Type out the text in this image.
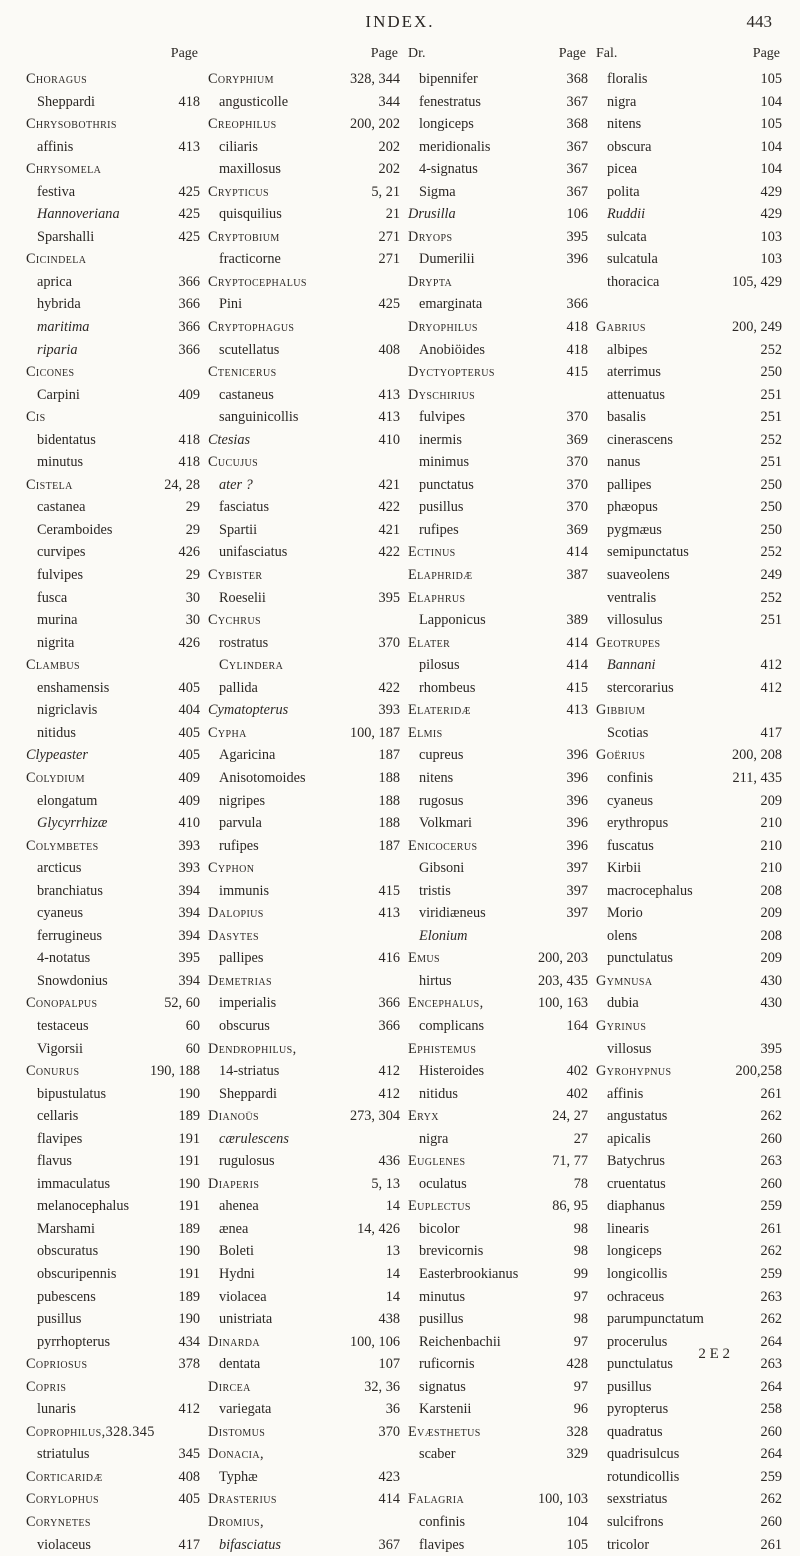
INDEX.	443
Page
Choragus
Sheppardi	418
Chrysobothris
affinis	413
Chrysomela
festiva	425
Hannoveriana	425
Sparshalli	425
Cicindela
aprica	366
hybrida	366
maritima	366
riparia	366
Cicones
Carpini	409
Cis
bidentatus	418
minutus	418
Cistela	24, 28
castanea	29
Ceramboides	29
curvipes	426
fulvipes	29
fusca	30
murina	30
nigrita	426
Clambus
enshamensis	405
nigriclavis	404
nitidus	405
Clypeaster	405
Colydium	409
elongatum	409
Glycyrrhizæ	410
Colymbetes	393
arcticus	393
branchiatus	394
cyaneus	394
ferrugineus	394
4-notatus	395
Snowdonius	394
Conopalpus	52, 60
testaceus	60
Vigorsii	60
Conurus	190, 188
bipustulatus	190
cellaris	189
flavipes	191
flavus	191
immaculatus	190
melanocephalus	191
Marshami	189
obscuratus	190
obscuripennis	191
pubescens	189
pusillus	190
pyrrhopterus	434
Copriosus	378
Copris
lunaris	412
Coprophilus,328.345
striatulus	345
Corticaridæ	408
Corylophus	405
Corynetes
violaceus	417
Page
Coryphium	328, 344
angusticolle	344
Creophilus	200, 202
ciliaris	202
maxillosus	202
Crypticus	5, 21
quisquilius	21
Cryptobium	271
fracticorne	271
Cryptocephalus
Pini	425
Cryptophagus
scutellatus	408
Ctenicerus
castaneus	413
sanguinicollis	413
Ctesias	410
Cucujus
ater ?	421
fasciatus	422
Spartii	421
unifasciatus	422
Cybister
Roeselii	395
Cychrus
rostratus	370
Cylindera
pallida	422
Cymatopterus	393
Cypha	100, 187
Agaricina	187
Anisotomoides	188
nigripes	188
parvula	188
rufipes	187
Cyphon
immunis	415
Dalopius	413
Dasytes
pallipes	416
Demetrias
imperialis	366
obscurus	366
Dendrophilus,
14-striatus	412
Sheppardi	412
Dianoüs	273, 304
cærulescens
rugulosus	436
Diaperis	5, 13
ahenea	14
ænea	14, 426
Boleti	13
Hydni	14
violacea	14
unistriata	438
Dinarda	100, 106
dentata	107
Dircea	32, 36
variegata	36
Distomus	370
Donacia,
Typhæ	423
Drasterius	414
Dromius,
bifasciatus	367
Dr.	Page
bipennifer	368
fenestratus	367
longiceps	368
meridionalis	367
4-signatus	367
Sigma	367
Drusilla	106
Dryops	395
Dumerilii	396
Drypta
emarginata	366
Dryophilus	418
Anobiöides	418
Dyctyopterus	415
Dyschirius
fulvipes	370
inermis	369
minimus	370
punctatus	370
pusillus	370
rufipes	369
Ectinus	414
Elaphridæ	387
Elaphrus
Lapponicus	389
Elater	414
pilosus	414
rhombeus	415
Elateridæ	413
Elmis
cupreus	396
nitens	396
rugosus	396
Volkmari	396
Enicocerus	396
Gibsoni	397
tristis	397
viridiæneus	397
Elonium
Emus	200, 203
hirtus	203, 435
Encephalus,	100, 163
complicans	164
Ephistemus
Histeroides	402
nitidus	402
Eryx	24, 27
nigra	27
Euglenes	71, 77
oculatus	78
Euplectus	86, 95
bicolor	98
brevicornis	98
Easterbrookianus	99
minutus	97
pusillus	98
Reichenbachii	97
ruficornis	428
signatus	97
Karstenii	96
Evæsthetus	328
scaber	329
Falagria	100, 103
confinis	104
flavipes	105
Fal.	Page
floralis	105
nigra	104
nitens	105
obscura	104
picea	104
polita	429
Ruddii	429
sulcata	103
sulcatula	103
thoracica	105, 429
Gabrius	200, 249
albipes	252
aterrimus	250
attenuatus	251
basalis	251
cinerascens	252
nanus	251
pallipes	250
phæopus	250
pygmæus	250
semipunctatus	252
suaveolens	249
ventralis	252
villosulus	251
Geotrupes
Bannani	412
stercorarius	412
Gibbium
Scotias	417
Goërius	200, 208
confinis	211, 435
cyaneus	209
erythropus	210
fuscatus	210
Kirbii	210
macrocephalus	208
Morio	209
olens	208
punctulatus	209
Gymnusa	430
dubia	430
Gyrinus
villosus	395
Gyrohypnus	200,258
affinis	261
angustatus	262
apicalis	260
Batychrus	263
cruentatus	260
diaphanus	259
linearis	261
longiceps	262
longicollis	259
ochraceus	263
parumpunctatum	262
procerulus	264
punctulatus	263
pusillus	264
pyropterus	258
quadratus	260
quadrisulcus	264
rotundicollis	259
sexstriatus	262
sulcifrons	260
tricolor	261
2 E 2
